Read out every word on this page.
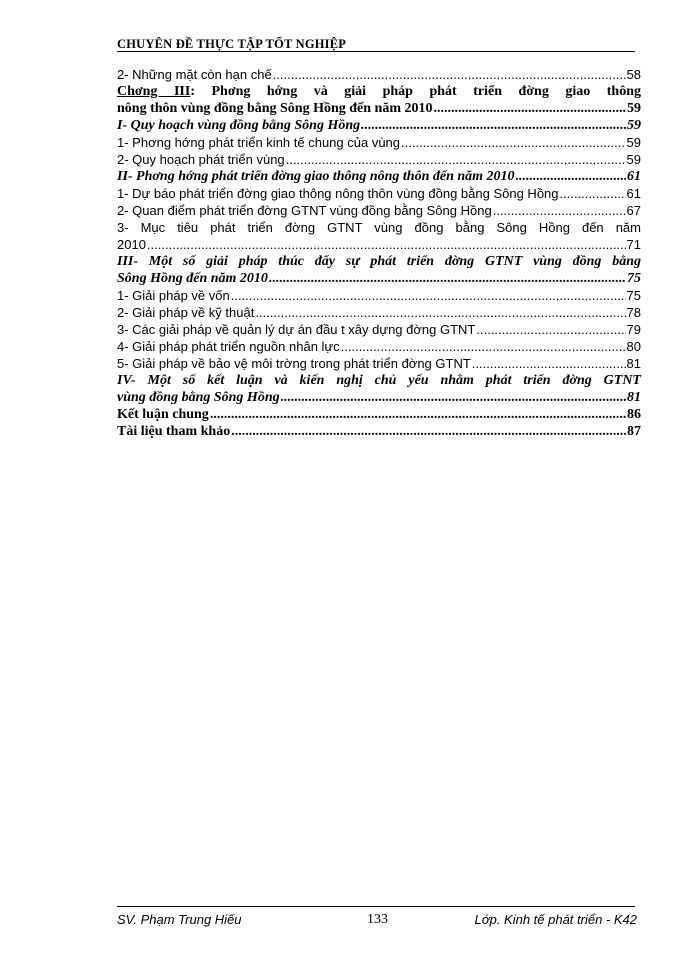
CHUYÊN ĐỀ THỰC TẬP TỐT NGHIỆP
2- Những mặt còn hạn chế .....	58
Chơng III: Phơng hớng và giải pháp phát triển đờng giao thông
nông thôn vùng đồng bằng Sông Hồng đến năm 2010 .....	59
I- Quy hoạch vùng đồng bằng Sông Hồng .....	59
1- Phơng hớng phát triển kinh tế chung của vùng .....	59
2- Quy hoạch phát triển vùng .....	59
II- Phơng hớng phát triển đờng giao thông nông thôn đến năm 2010 .....	61
1- Dự báo phát triển đờng giao thông nông thôn vùng đồng bằng Sông Hồng .....	61
2- Quan điểm phát triển đờng GTNT vùng đồng bằng Sông Hồng .....	67
3- Mục tiêu phát triển đờng GTNT vùng đồng bằng Sông Hồng đến năm
2010 .....	71
III- Một số giải pháp thúc đẩy sự phát triển đờng GTNT vùng đồng bằng
Sông Hồng đến năm 2010 .....	75
1- Giải pháp về vốn .....	75
2- Giải pháp về kỹ thuật .....	78
3- Các giải pháp về quản lý dự án đầu t xây dựng đờng GTNT .....	79
4- Giải pháp phát triển nguồn nhân lực .....	80
5- Giải pháp về bảo vệ môi trờng trong phát triển đờng GTNT .....	81
IV- Một số kết luận và kiến nghị chủ yếu nhằm phát triển đờng GTNT
vùng đồng bằng Sông Hồng .....	81
Kết luận chung .....	86
Tài liệu tham khảo .....	87
SV. Phạm Trung Hiếu	133	Lớp. Kinh tế phát triển - K42
